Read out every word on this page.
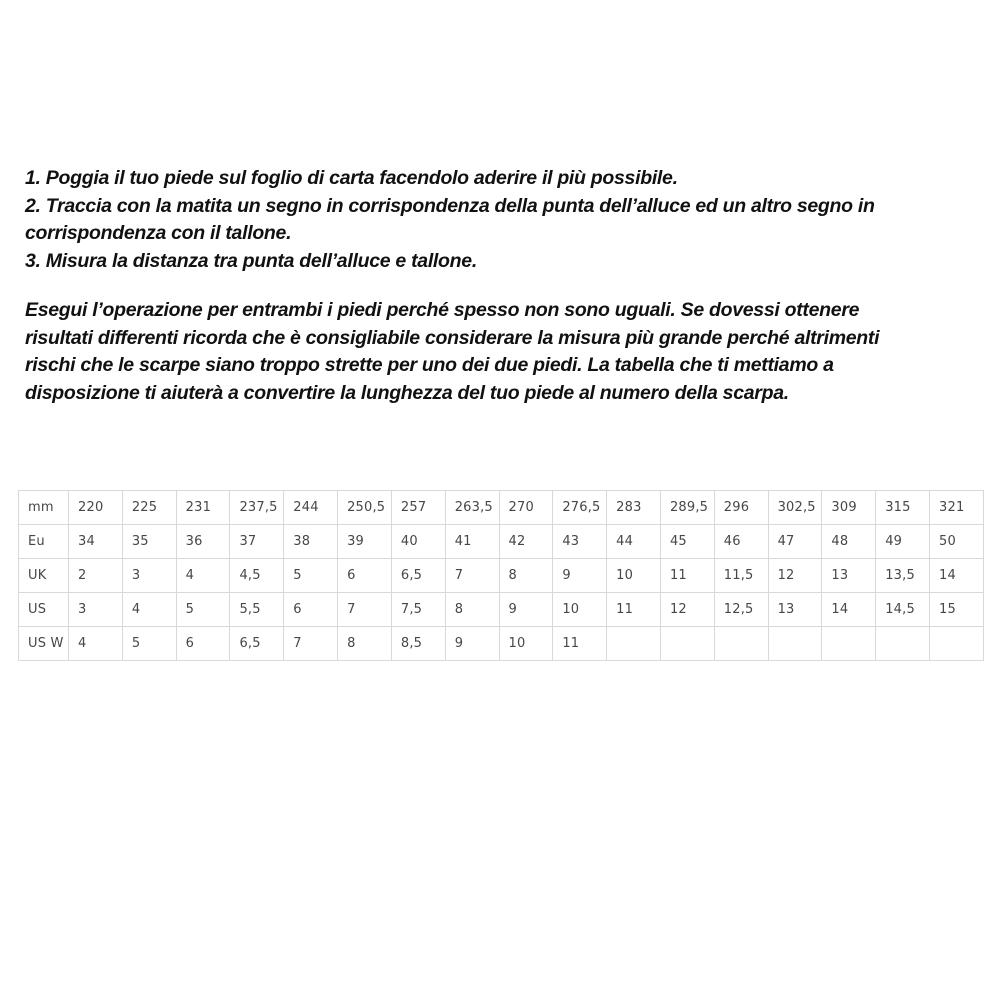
1. Poggia il tuo piede sul foglio di carta facendolo aderire il più possibile.
2. Traccia con la matita un segno in corrispondenza della punta dell’alluce ed un altro segno in
corrispondenza con il tallone.
3. Misura la distanza tra punta dell’alluce e tallone.
Esegui l’operazione per entrambi i piedi perché spesso non sono uguali. Se dovessi ottenere
risultati differenti ricorda che è consigliabile considerare la misura più grande perché altrimenti
rischi che le scarpe siano troppo strette per uno dei due piedi. La tabella che ti mettiamo a
disposizione ti aiuterà a convertire la lunghezza del tuo piede al numero della scarpa.
mm	220	225	231	237,5	244	250,5	257	263,5	270	276,5	283	289,5	296	302,5	309	315	321
Eu	34	35	36	37	38	39	40	41	42	43	44	45	46	47	48	49	50
UK	2	3	4	4,5	5	6	6,5	7	8	9	10	11	11,5	12	13	13,5	14
US	3	4	5	5,5	6	7	7,5	8	9	10	11	12	12,5	13	14	14,5	15
US W	4	5	6	6,5	7	8	8,5	9	10	11							
